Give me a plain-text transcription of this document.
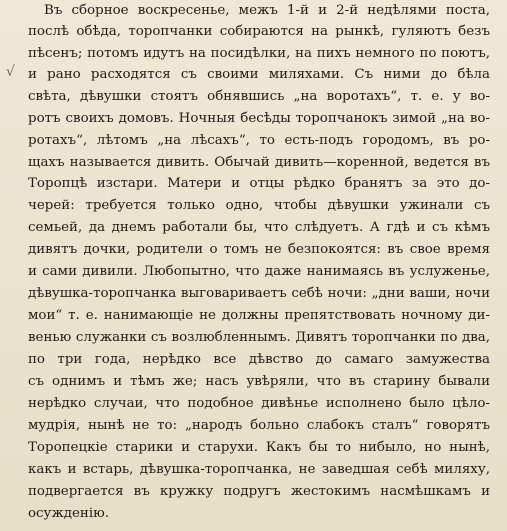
√
Въ сборное воскресенье, межъ 1-й и 2-й недѣлями поста,
послѣ обѣда, торопчанки собираются на рынкѣ, гуляютъ безъ
пѣсенъ; потомъ идутъ на посидѣлки, на пихъ немного по поютъ,
и рано расходятся съ своими миляхами. Съ ними до бѣла
свѣта, дѣвушки стоятъ обнявшись „на воротахъ“, т. е. у во-
ротъ своихъ домовъ. Ночныя бесѣды торопчанокъ зимой „на во-
ротахъ“, лѣтомъ „на лѣсахъ“, то есть-подъ городомъ, въ ро-
щахъ называется дивить. Обычай дивить—коренной, ведется въ
Торопцѣ изстари. Матери и отцы рѣдко бранятъ за это до-
черей: требуется только одно, чтобы дѣвушки ужинали съ
семьей, да днемъ работали бы, что слѣдуетъ. А гдѣ и съ кѣмъ
дивятъ дочки, родители о томъ не безпокоятся: въ свое время
и сами дивили. Любопытно, что даже нанимаясь въ услуженье,
дѣвушка-торопчанка выговариваетъ себѣ ночи: „дни ваши, ночи
мои“ т. е. нанимающіе не должны препятствовать ночному ди-
венью служанки съ возлюбленнымъ. Дивятъ торопчанки по два,
по три года, нерѣдко все дѣвство до самаго замужества
съ однимъ и тѣмъ же; насъ увѣряли, что въ старину бывали
нерѣдко случаи, что подобное дивѣнье исполнено было цѣло-
мудрія, нынѣ не то: „народъ больно слабокъ сталъ“ говорятъ
Торопецкіе старики и старухи. Какъ бы то нибыло, но нынѣ,
какъ и встарь, дѣвушка-торопчанка, не заведшая себѣ миляху,
подвергается въ кружку подругъ жестокимъ насмѣшкамъ и
осужденію.
